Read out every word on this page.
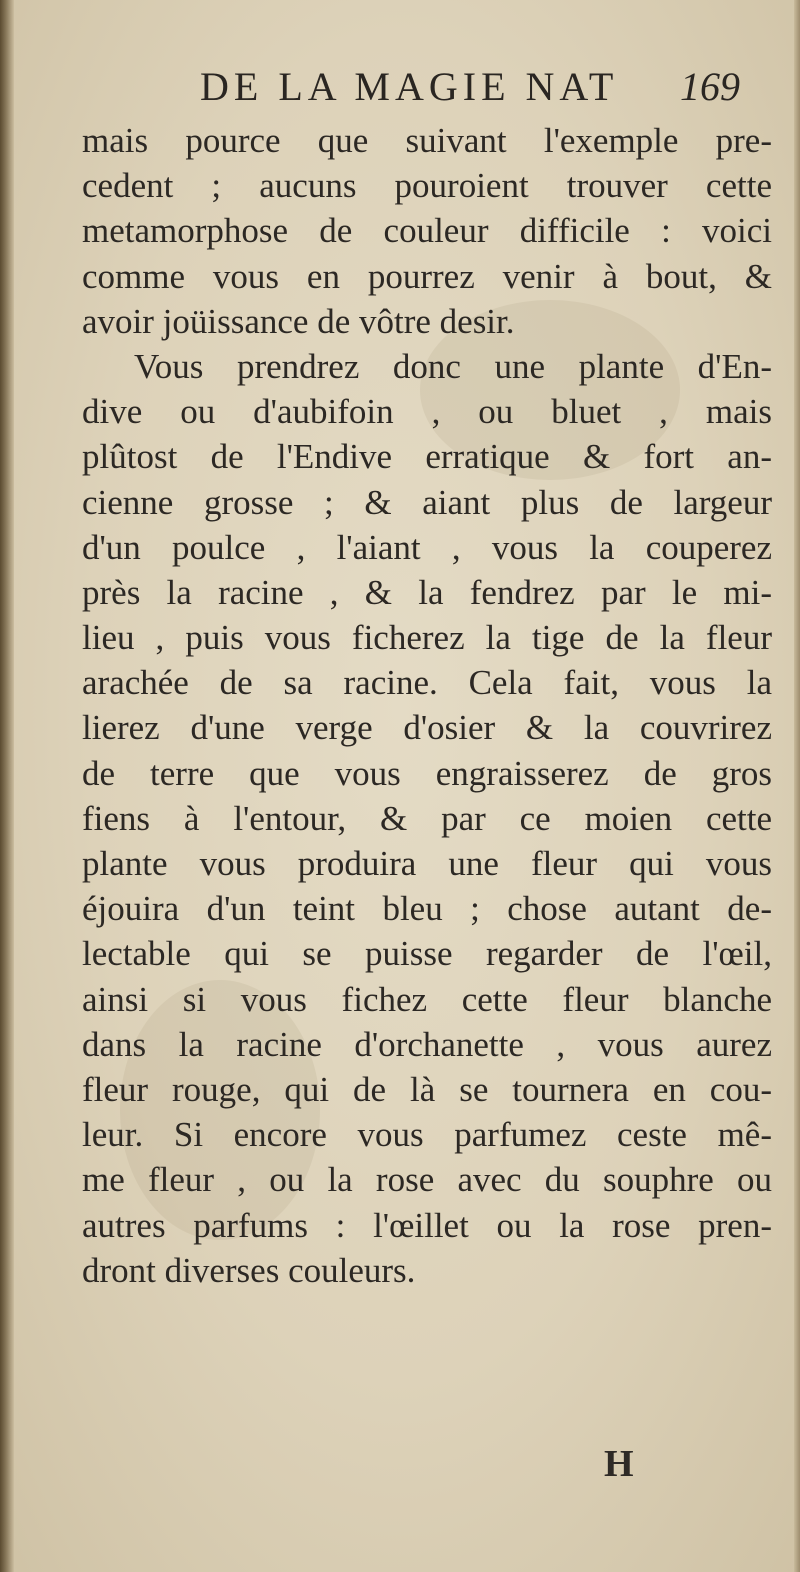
DE LA MAGIE NAT 169
mais pource que suivant l'exemple pre-
cedent ; aucuns pouroient trouver cette
metamorphose de couleur difficile : voici
comme vous en pourrez venir à bout, &
avoir joüissance de vôtre desir.
Vous prendrez donc une plante d'En-
dive ou d'aubifoin , ou bluet , mais
plûtost de l'Endive erratique & fort an-
cienne grosse ; & aiant plus de largeur
d'un poulce , l'aiant , vous la couperez
près la racine , & la fendrez par le mi-
lieu , puis vous ficherez la tige de la fleur
arachée de sa racine. Cela fait, vous la
lierez d'une verge d'osier & la couvrirez
de terre que vous engraisserez de gros
fiens à l'entour, & par ce moien cette
plante vous produira une fleur qui vous
éjouira d'un teint bleu ; chose autant de-
lectable qui se puisse regarder de l'œil,
ainsi si vous fichez cette fleur blanche
dans la racine d'orchanette , vous aurez
fleur rouge, qui de là se tournera en cou-
leur. Si encore vous parfumez ceste mê-
me fleur , ou la rose avec du souphre ou
autres parfums : l'œillet ou la rose pren-
dront diverses couleurs.
H
